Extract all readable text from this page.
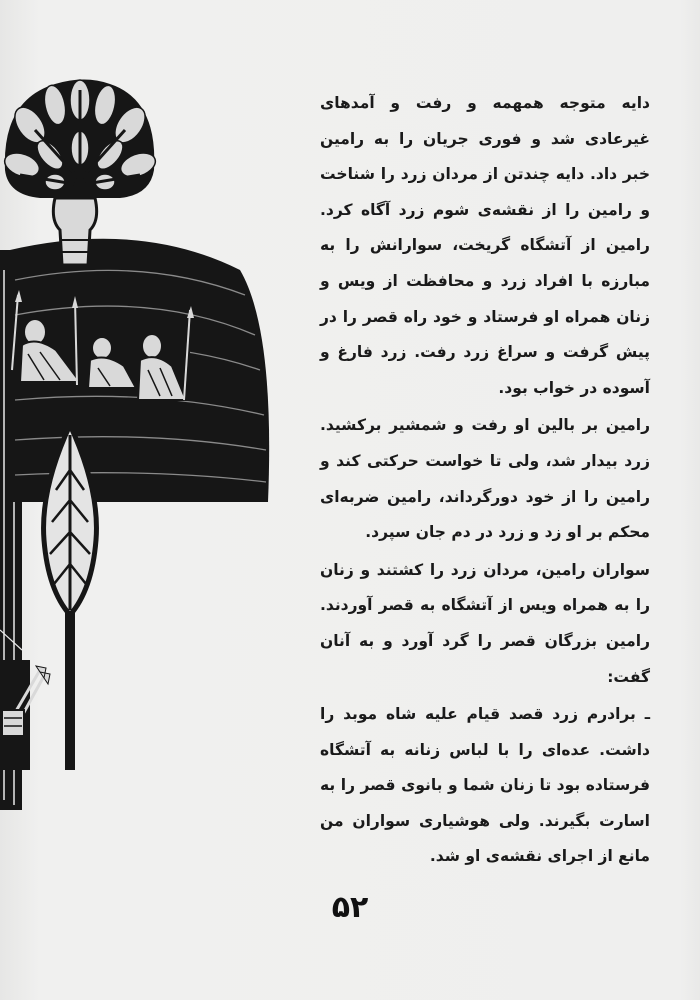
دایه متوجه همهمه و رفت و آمدهای غیرعادی شد و فوری جریان را به رامین خبر داد. دایه چندتن از مردان زرد را شناخت و رامین را از نقشه‌ی شوم زرد آگاه کرد. رامین از آتشگاه گریخت، سوارانش را به مبارزه با افراد زرد و محافظت از ویس و زنان همراه او فرستاد و خود راه قصر را در پیش گرفت و سراغ زرد رفت. زرد فارغ و آسوده در خواب بود.

رامین بر بالین او رفت و شمشیر برکشید. زرد بیدار شد، ولی تا خواست حرکتی کند و رامین را از خود دورگرداند، رامین ضربه‌ای محکم بر او زد و زرد در دم جان سپرد.

سواران رامین، مردان زرد را کشتند و زنان را به همراه ویس از آتشگاه به قصر آوردند. رامین بزرگان قصر را گرد آورد و به آنان گفت:

ـ برادرم زرد قصد قیام علیه شاه موبد را داشت. عده‌ای را با لباس زنانه به آتشگاه فرستاده بود تا زنان شما و بانوی قصر را به اسارت بگیرند. ولی هوشیاری سواران من مانع از اجرای نقشه‌ی او شد.

۵۲
